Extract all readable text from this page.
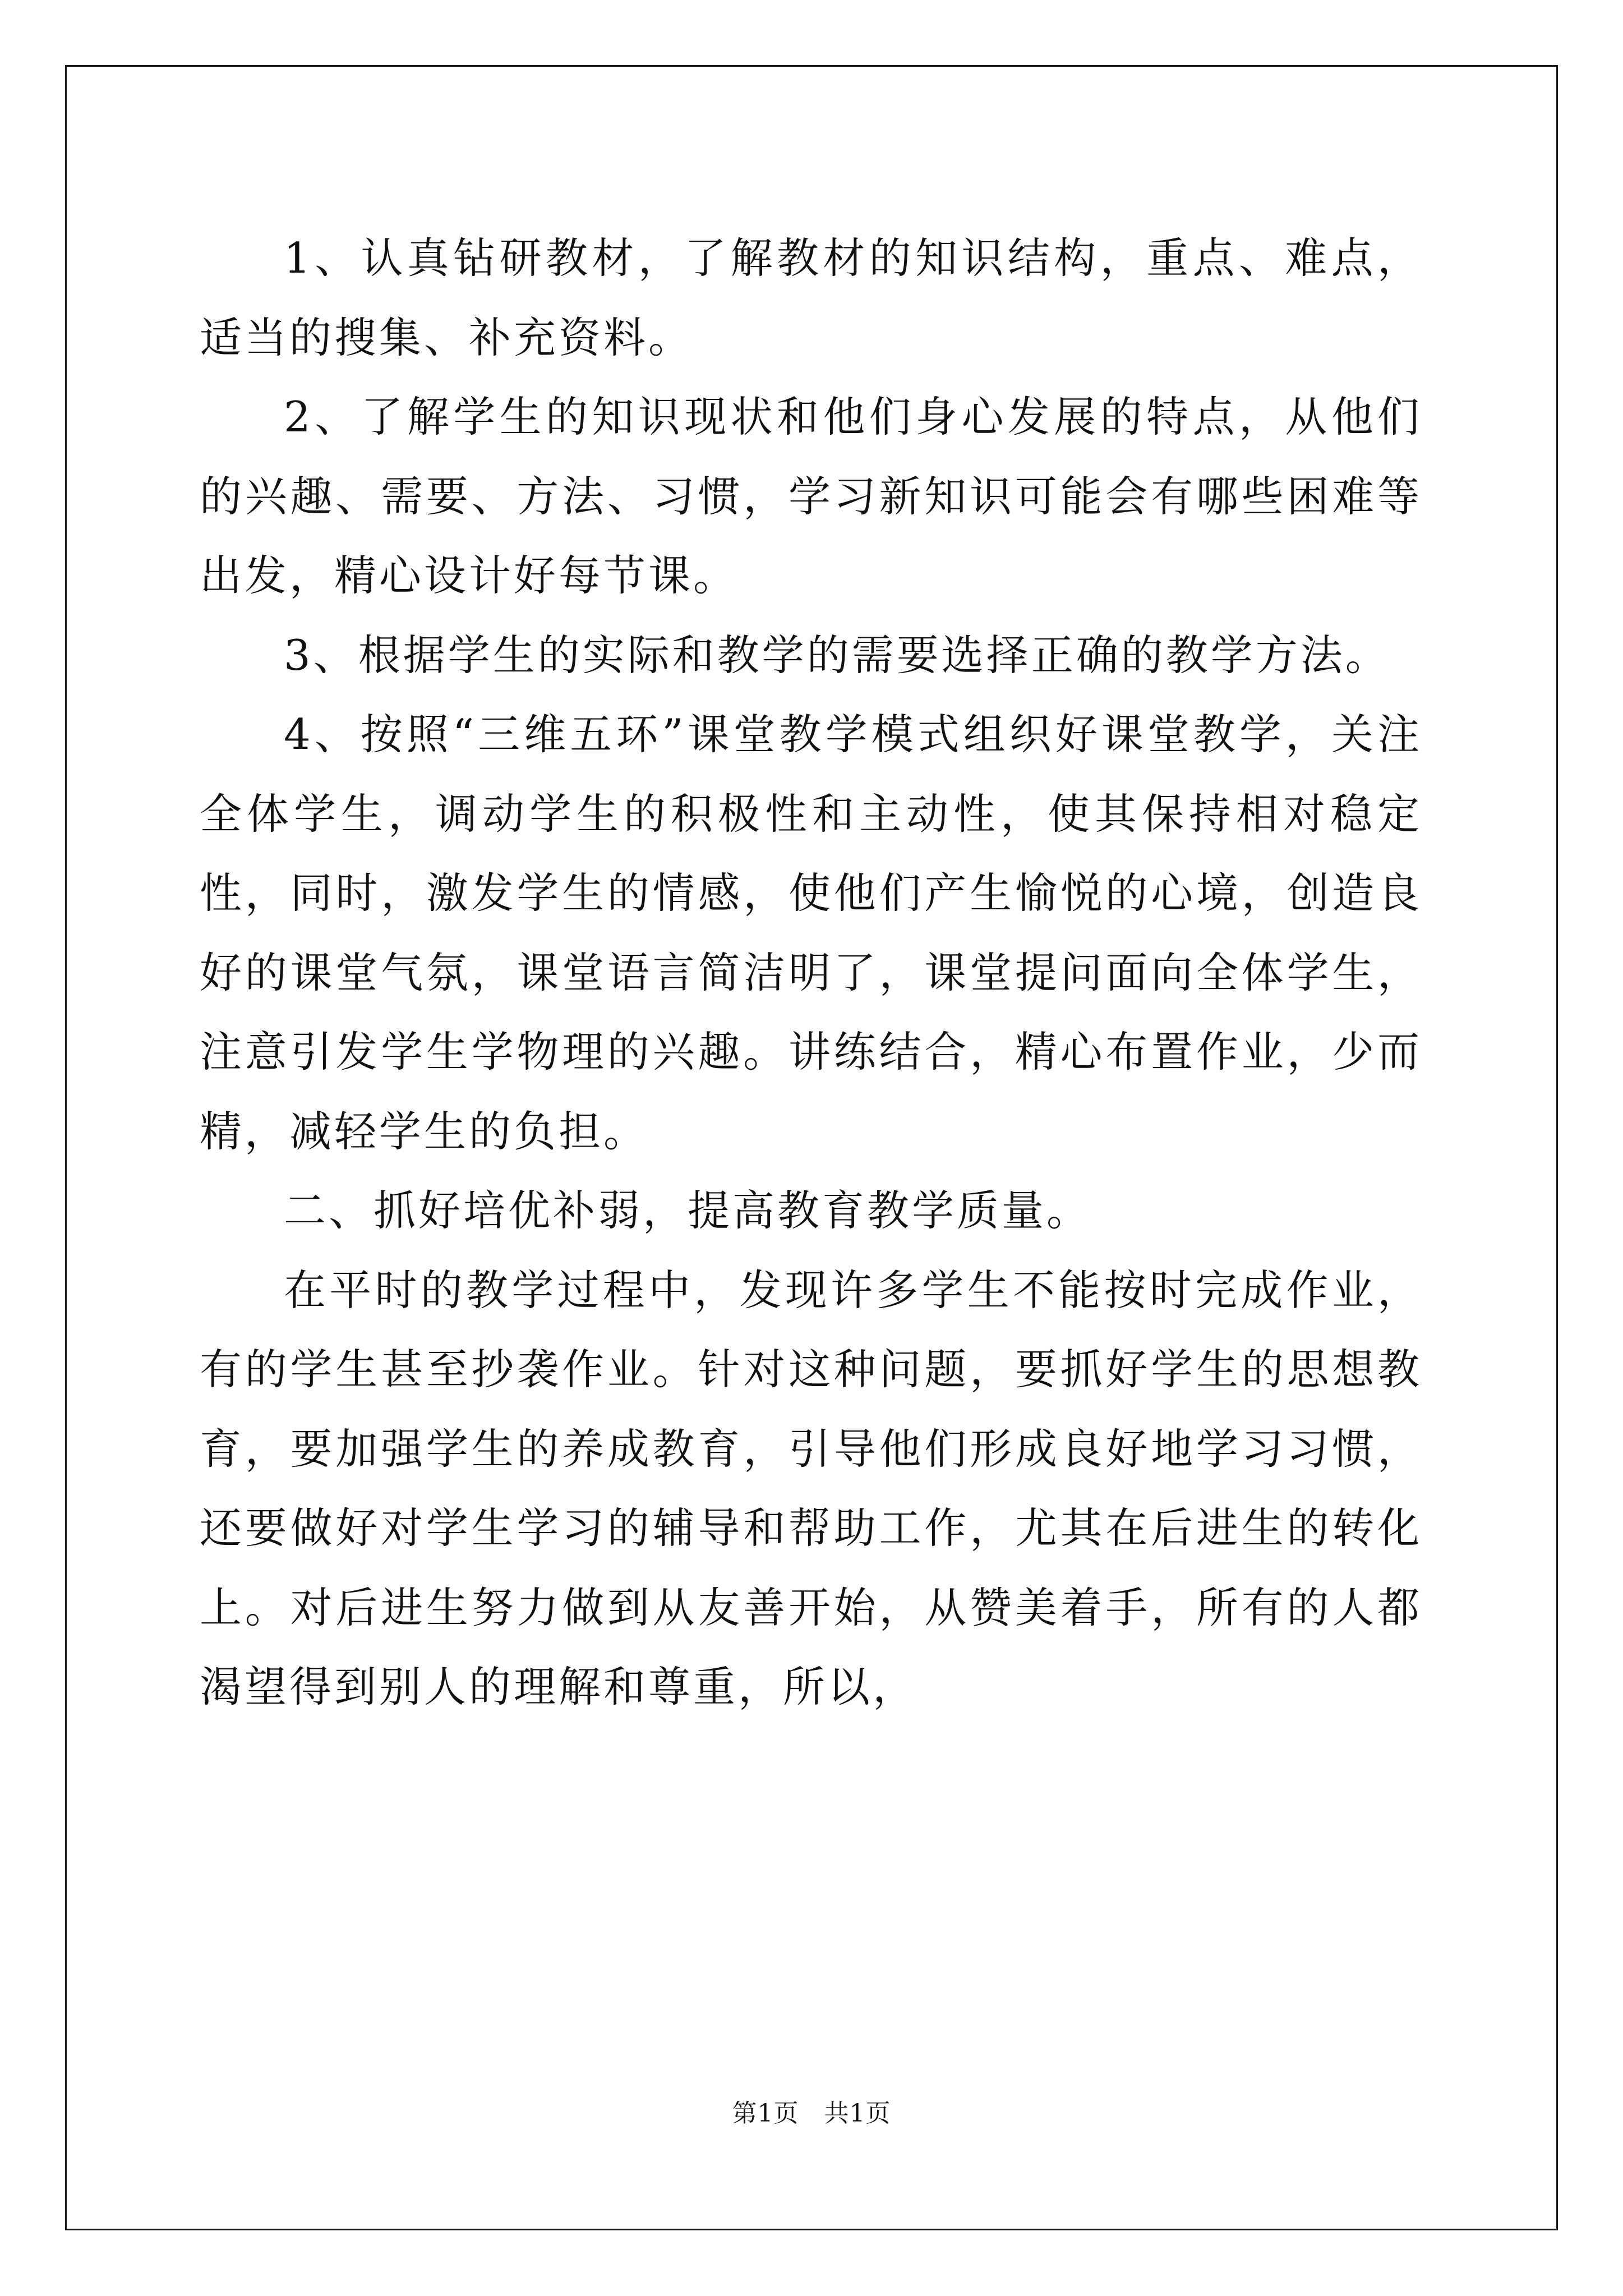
1、认真钻研教材，了解教材的知识结构，重点、难点，适当的搜集、补充资料。

2、了解学生的知识现状和他们身心发展的特点，从他们的兴趣、需要、方法、习惯，学习新知识可能会有哪些困难等出发，精心设计好每节课。

3、根据学生的实际和教学的需要选择正确的教学方法。

4、按照“三维五环”课堂教学模式组织好课堂教学，关注全体学生，调动学生的积极性和主动性，使其保持相对稳定性，同时，激发学生的情感，使他们产生愉悦的心境，创造良好的课堂气氛，课堂语言简洁明了，课堂提问面向全体学生，注意引发学生学物理的兴趣。讲练结合，精心布置作业，少而精，减轻学生的负担。

二、抓好培优补弱，提高教育教学质量。

在平时的教学过程中，发现许多学生不能按时完成作业，有的学生甚至抄袭作业。针对这种问题，要抓好学生的思想教育，要加强学生的养成教育，引导他们形成良好地学习习惯，还要做好对学生学习的辅导和帮助工作，尤其在后进生的转化上。对后进生努力做到从友善开始，从赞美着手，所有的人都渴望得到别人的理解和尊重，所以，

第1页 共1页
